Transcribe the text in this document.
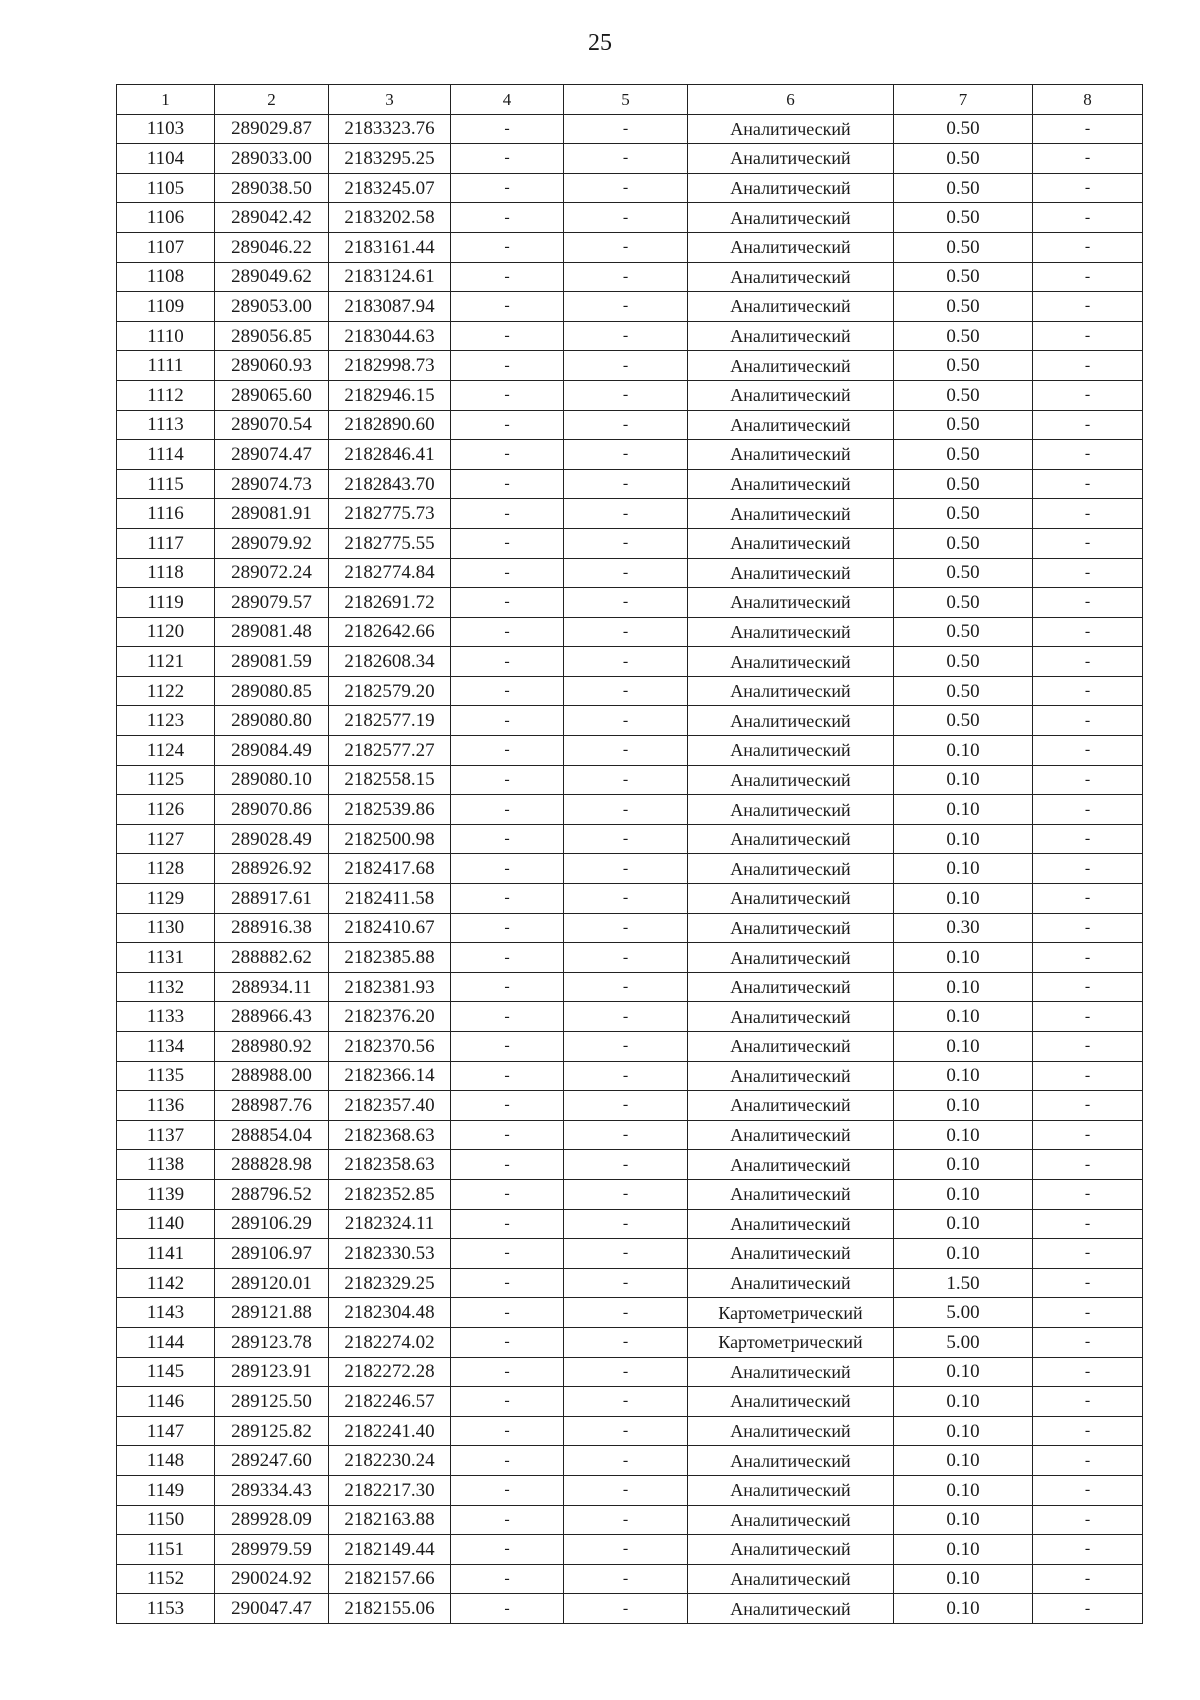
25
1	2	3	4	5	6	7	8
1103	289029.87	2183323.76	-	-	Аналитический	0.50	-
1104	289033.00	2183295.25	-	-	Аналитический	0.50	-
1105	289038.50	2183245.07	-	-	Аналитический	0.50	-
1106	289042.42	2183202.58	-	-	Аналитический	0.50	-
1107	289046.22	2183161.44	-	-	Аналитический	0.50	-
1108	289049.62	2183124.61	-	-	Аналитический	0.50	-
1109	289053.00	2183087.94	-	-	Аналитический	0.50	-
1110	289056.85	2183044.63	-	-	Аналитический	0.50	-
1111	289060.93	2182998.73	-	-	Аналитический	0.50	-
1112	289065.60	2182946.15	-	-	Аналитический	0.50	-
1113	289070.54	2182890.60	-	-	Аналитический	0.50	-
1114	289074.47	2182846.41	-	-	Аналитический	0.50	-
1115	289074.73	2182843.70	-	-	Аналитический	0.50	-
1116	289081.91	2182775.73	-	-	Аналитический	0.50	-
1117	289079.92	2182775.55	-	-	Аналитический	0.50	-
1118	289072.24	2182774.84	-	-	Аналитический	0.50	-
1119	289079.57	2182691.72	-	-	Аналитический	0.50	-
1120	289081.48	2182642.66	-	-	Аналитический	0.50	-
1121	289081.59	2182608.34	-	-	Аналитический	0.50	-
1122	289080.85	2182579.20	-	-	Аналитический	0.50	-
1123	289080.80	2182577.19	-	-	Аналитический	0.50	-
1124	289084.49	2182577.27	-	-	Аналитический	0.10	-
1125	289080.10	2182558.15	-	-	Аналитический	0.10	-
1126	289070.86	2182539.86	-	-	Аналитический	0.10	-
1127	289028.49	2182500.98	-	-	Аналитический	0.10	-
1128	288926.92	2182417.68	-	-	Аналитический	0.10	-
1129	288917.61	2182411.58	-	-	Аналитический	0.10	-
1130	288916.38	2182410.67	-	-	Аналитический	0.30	-
1131	288882.62	2182385.88	-	-	Аналитический	0.10	-
1132	288934.11	2182381.93	-	-	Аналитический	0.10	-
1133	288966.43	2182376.20	-	-	Аналитический	0.10	-
1134	288980.92	2182370.56	-	-	Аналитический	0.10	-
1135	288988.00	2182366.14	-	-	Аналитический	0.10	-
1136	288987.76	2182357.40	-	-	Аналитический	0.10	-
1137	288854.04	2182368.63	-	-	Аналитический	0.10	-
1138	288828.98	2182358.63	-	-	Аналитический	0.10	-
1139	288796.52	2182352.85	-	-	Аналитический	0.10	-
1140	289106.29	2182324.11	-	-	Аналитический	0.10	-
1141	289106.97	2182330.53	-	-	Аналитический	0.10	-
1142	289120.01	2182329.25	-	-	Аналитический	1.50	-
1143	289121.88	2182304.48	-	-	Картометрический	5.00	-
1144	289123.78	2182274.02	-	-	Картометрический	5.00	-
1145	289123.91	2182272.28	-	-	Аналитический	0.10	-
1146	289125.50	2182246.57	-	-	Аналитический	0.10	-
1147	289125.82	2182241.40	-	-	Аналитический	0.10	-
1148	289247.60	2182230.24	-	-	Аналитический	0.10	-
1149	289334.43	2182217.30	-	-	Аналитический	0.10	-
1150	289928.09	2182163.88	-	-	Аналитический	0.10	-
1151	289979.59	2182149.44	-	-	Аналитический	0.10	-
1152	290024.92	2182157.66	-	-	Аналитический	0.10	-
1153	290047.47	2182155.06	-	-	Аналитический	0.10	-
